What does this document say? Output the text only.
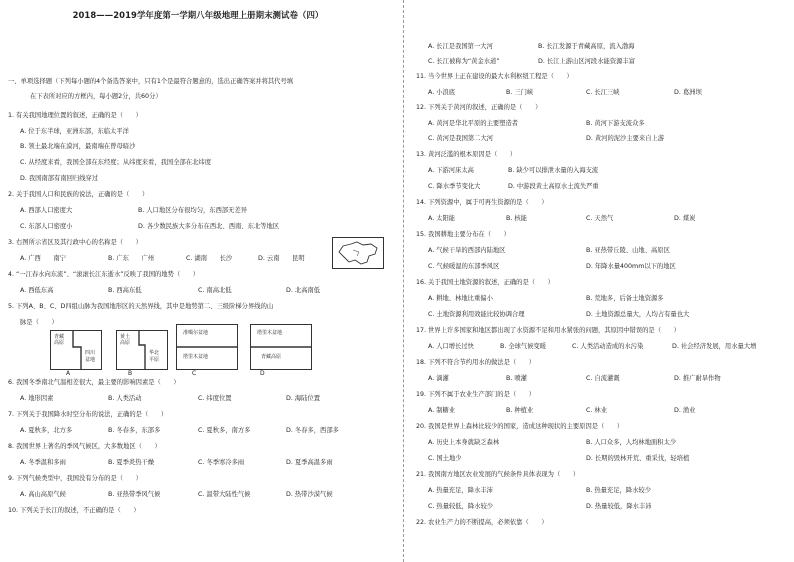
2018——2019学年度第一学期八年级地理上册期末测试卷（四）
一、单项选择题（下列每小题的4个备选答案中，只有1个是最符合题意的，选出正确答案并将其代号填
在下表所对应的方框内，每小题2分，共60分）
1. 有关我国地理位置的叙述，正确的是（　　）
A. 位于东半球，亚洲东部，东临太平洋
B. 领土最北端在漠河，最南端在曾母暗沙
C. 从经度来看，我国全部在东经度；从纬度来看，我国全部在北纬度
D. 我国南部有南回归线穿过
2. 关于我国人口和民族的说法，正确的是（　　）
A. 西部人口密度大	B. 人口地区分布很均匀，东西部无差异
C. 东部人口密度小	D. 各少数民族大多分布在西北、西南、东北等地区
3. 右图所示省区及其行政中心的名称是（　　）
A. 广西　　南宁	B. 广东　　广州	C. 湖南　　长沙	D. 云南　　昆明
4. “一江春水向东流”、“滚滚长江东逝水”反映了我国的地势（　　）
A. 西低东高	B. 西高东低	C. 南高北低	D. 北高南低
5. 下列A、B、C、D四组山脉为我国地形区的天然界线，其中是地势第二、三级阶梯分界线的山
脉是（　　）
青藏
高原
四川
盆地
A
黄土
高原
华北
平原
B
准噶尔盆地
塔里木盆地
C
塔里木盆地
青藏高原
D
6. 我国冬季南北气温相差很大，最主要的影响因素是（　　）
A. 地形因素	B. 人类活动	C. 纬度位置	D. 海陆位置
7. 下列关于我国降水时空分布的说法，正确的是（　　）
A. 夏秋多，北方多	B. 冬春多，东部多	C. 夏秋多，南方多	D. 冬春多，西部多
8. 我国世界上著名的季风气候区，大多数地区（　　）
A. 冬季温和多雨	B. 夏季炎热干燥	C. 冬季寒冷多雨	D. 夏季高温多雨
9. 下列气候类型中，我国没有分布的是（　　）
A. 高山高原气候	B. 亚热带季风气候	C. 温带大陆性气候	D. 热带沙漠气候
10. 下列关于长江的叙述，不正确的是（　　）
A. 长江是我国第一大河	B. 长江发源于青藏高原，流入渤海
C. 长江被称为“黄金水道”	D. 长江上游山区河段水能资源丰富
11. 当今世界上正在建设的最大水利枢纽工程是（　　）
A. 小浪底	B. 三门峡	C. 长江三峡	D. 葛洲坝
12. 下列关于黄河的叙述，正确的是（　　）
A. 黄河是华北平原的主要塑造者	B. 黄河下游支流众多
C. 黄河是我国第二大河	D. 黄河的泥沙主要来自上游
13. 黄河泛滥的根本原因是（　　）
A. 下游河床太高	B. 缺少可以排泄水量的入海支流
C. 降水季节变化大	D. 中游段黄土高原水土流失严重
14. 下列资源中，属于可再生资源的是（　　）
A. 太阳能	B. 核能	C. 天然气	D. 煤炭
15. 我国耕地主要分布在（　　）
A. 气候干旱的西部内陆地区	B. 亚热带丘陵、山地、高原区
C. 气候暖湿的东部季风区	D. 年降水量400mm以下的地区
16. 关于我国土地资源的叙述，正确的是（　　）
A. 耕地、林地比重偏小	B. 荒地多，后备土地资源多
C. 土地资源利用效能比较协调合理	D. 土地资源总量大，人均占有量也大
17. 世界上许多国家和地区都出现了水资源不足和用水紧张的问题，其原因中错误的是（　　）
A. 人口增长过快	B. 全球气候变暖	C. 人类活动造成的水污染	D. 社会经济发展，用水量大增
18. 下列不符合节约用水的做法是（　　）
A. 滴灌	B. 喷灌	C. 自流灌溉	D. 推广耐旱作物
19. 下列不属于农业生产部门的是（　　）
A. 制糖业	B. 种植业	C. 林业	D. 渔业
20. 我国是世界上森林比较少的国家，造成这种现状的主要原因是（　　）
A. 历史上本身就缺乏森林	B. 人口众多，人均林地面积太少
C. 国土地少	D. 长期的毁林开荒、重采伐，轻培植
21. 我国南方地区农业发展的气候条件具体表现为（　　）
A. 热量充足，降水丰沛	B. 热量充足，降水较少
C. 热量较低，降水较少	D. 热量较低，降水丰沛
22. 农业生产力的不断提高，必须依靠（　　）
